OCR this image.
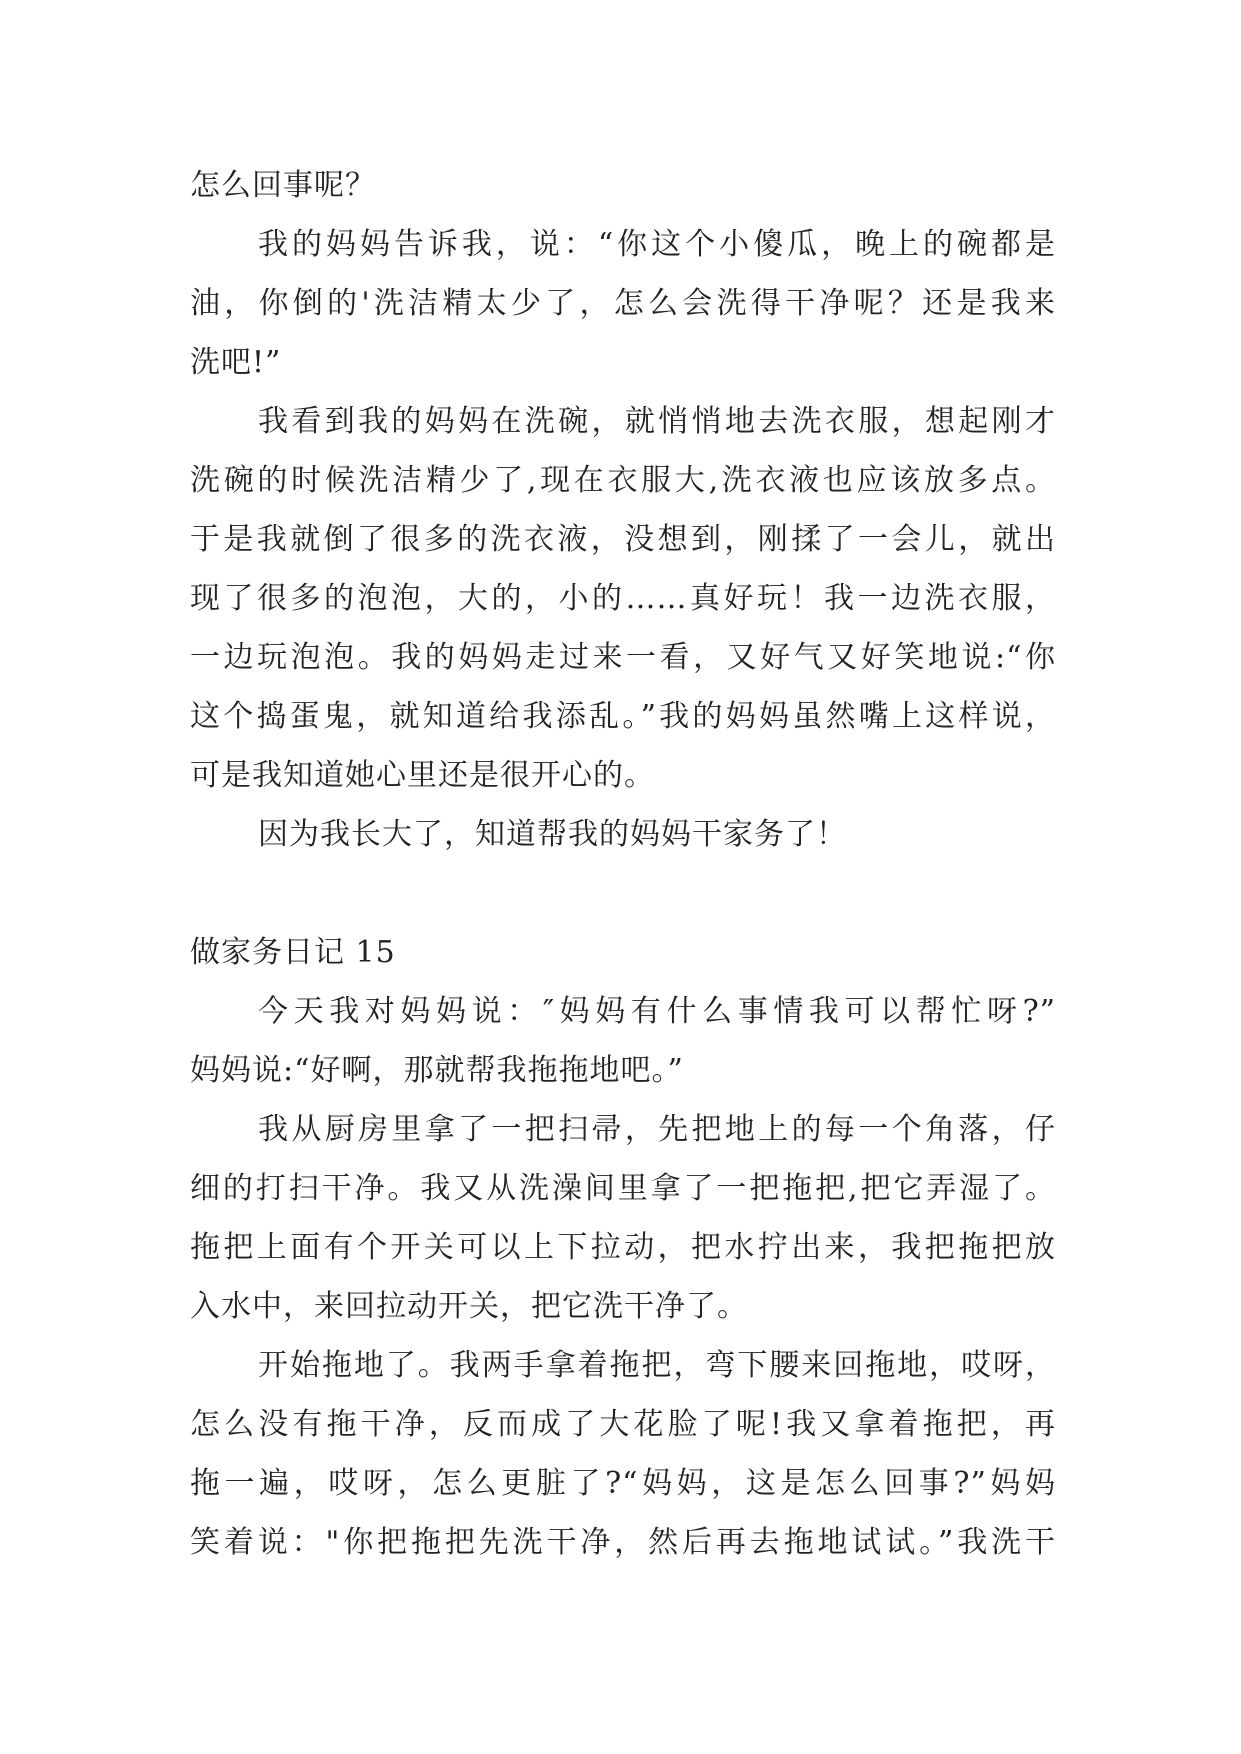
怎么回事呢？
我的妈妈告诉我，说：“你这个小傻瓜，晚上的碗都是
油，你倒的'洗洁精太少了，怎么会洗得干净呢？还是我来
洗吧!”
我看到我的妈妈在洗碗，就悄悄地去洗衣服，想起刚才
洗碗的时候洗洁精少了,现在衣服大,洗衣液也应该放多点。
于是我就倒了很多的洗衣液，没想到，刚揉了一会儿，就出
现了很多的泡泡，大的，小的……真好玩！我一边洗衣服，
一边玩泡泡。我的妈妈走过来一看，又好气又好笑地说:“你
这个捣蛋鬼，就知道给我添乱。”我的妈妈虽然嘴上这样说，
可是我知道她心里还是很开心的。
因为我长大了，知道帮我的妈妈干家务了！
做家务日记 15
今天我对妈妈说：″妈妈有什么事情我可以帮忙呀?”
妈妈说:“好啊，那就帮我拖拖地吧。”
我从厨房里拿了一把扫帚，先把地上的每一个角落，仔
细的打扫干净。我又从洗澡间里拿了一把拖把,把它弄湿了。
拖把上面有个开关可以上下拉动，把水拧出来，我把拖把放
入水中，来回拉动开关，把它洗干净了。
开始拖地了。我两手拿着拖把，弯下腰来回拖地，哎呀，
怎么没有拖干净，反而成了大花脸了呢!我又拿着拖把，再
拖一遍，哎呀，怎么更脏了?“妈妈，这是怎么回事?”妈妈
笑着说："你把拖把先洗干净，然后再去拖地试试。”我洗干
